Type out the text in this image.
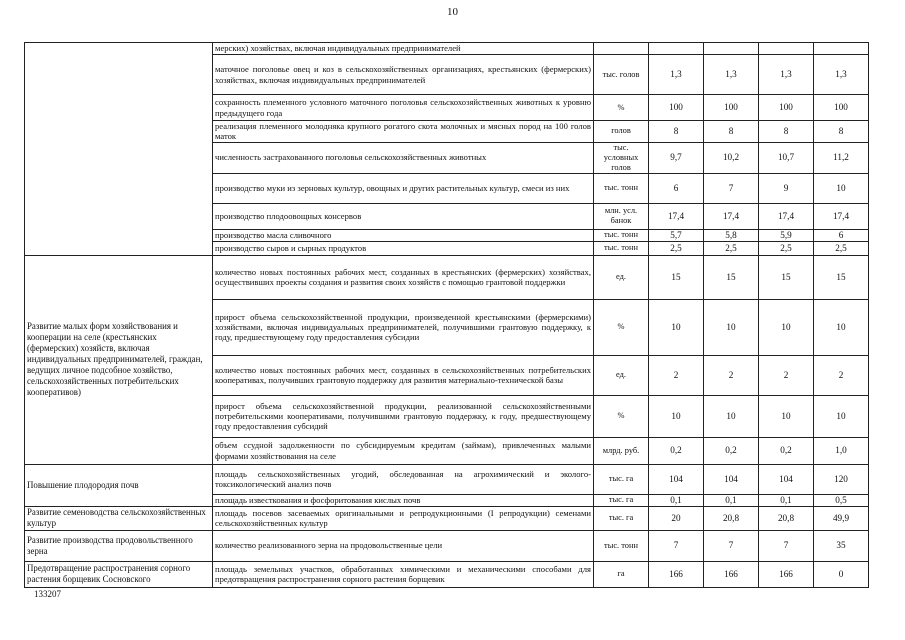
10
	мерских) хозяйствах, включая индивидуальных предпринимателей					
	маточное поголовье овец и коз в сельскохозяйственных организациях, крестьянских (фермерских) хозяйствах, включая индивидуальных предпринимателей	тыс. голов	1,3	1,3	1,3	1,3
	сохранность племенного условного маточного поголовья сельскохозяйственных животных к уровню предыдущего года	%	100	100	100	100
	реализация племенного молодняка крупного рогатого скота молочных и мясных пород на 100 голов маток	голов	8	8	8	8
	численность застрахованного поголовья сельскохозяйственных животных	тыс. условных голов	9,7	10,2	10,7	11,2
	производство муки из зерновых культур, овощных и других растительных культур, смеси из них	тыс. тонн	6	7	9	10
	производство плодоовощных консервов	млн. усл. банок	17,4	17,4	17,4	17,4
	производство масла сливочного	тыс. тонн	5,7	5,8	5,9	6
	производство сыров и сырных продуктов	тыс. тонн	2,5	2,5	2,5	2,5
Развитие малых форм хозяйствования и кооперации на селе (крестьянских (фермерских) хозяйств, включая индивидуальных предпринимателей, граждан, ведущих личное подсобное хозяйство, сельскохозяйственных потребительских кооперативов)	количество новых постоянных рабочих мест, созданных в крестьянских (фермерских) хозяйствах, осуществивших проекты создания и развития своих хозяйств с помощью грантовой поддержки	ед.	15	15	15	15
	прирост объема сельскохозяйственной продукции, произведенной крестьянскими (фермерскими) хозяйствами, включая индивидуальных предпринимателей, получившими грантовую поддержку, к году, предшествующему году предоставления субсидии	%	10	10	10	10
	количество новых постоянных рабочих мест, созданных в сельскохозяйственных потребительских кооперативах, получивших грантовую поддержку для развития материально-технической базы	ед.	2	2	2	2
	прирост объема сельскохозяйственной продукции, реализованной сельскохозяйственными потребительскими кооперативами, получившими грантовую поддержку, к году, предшествующему году предоставления субсидий	%	10	10	10	10
	объем ссудной задолженности по субсидируемым кредитам (займам), привлеченных малыми формами хозяйствования на селе	млрд. руб.	0,2	0,2	0,2	1,0
Повышение плодородия почв	площадь сельскохозяйственных угодий, обследованная на агрохимический и эколого-токсикологический анализ почв	тыс. га	104	104	104	120
	площадь известкования и фосфоритования кислых почв	тыс. га	0,1	0,1	0,1	0,5
Развитие семеноводства сельскохозяйственных культур	площадь посевов засеваемых оригинальными и репродукционными (I репродукции) семенами сельскохозяйственных культур	тыс. га	20	20,8	20,8	49,9
Развитие производства продовольственного зерна	количество реализованного зерна на продовольственные цели	тыс. тонн	7	7	7	35
Предотвращение распространения сорного растения борщевик Сосновского	площадь земельных участков, обработанных химическими и механическими способами для предотвращения распространения сорного растения борщевик	га	166	166	166	0
133207
